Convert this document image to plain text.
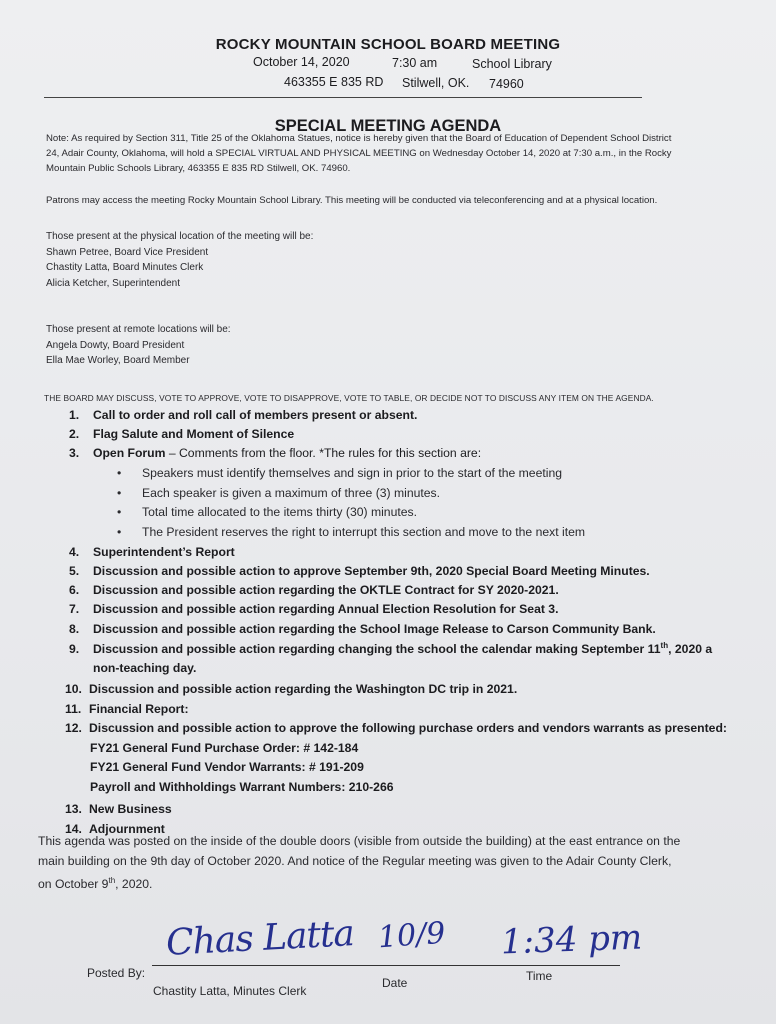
ROCKY MOUNTAIN SCHOOL BOARD MEETING
October 14, 2020	7:30 am	School Library
463355 E 835 RD Stilwell, OK. 74960
SPECIAL MEETING AGENDA
Note: As required by Section 311, Title 25 of the Oklahoma Statues, notice is hereby given that the Board of Education of Dependent School District
24, Adair County, Oklahoma, will hold a SPECIAL VIRTUAL AND PHYSICAL MEETING on Wednesday October 14, 2020 at 7:30 a.m., in the Rocky
Mountain Public Schools Library, 463355 E 835 RD Stilwell, OK. 74960.
Patrons may access the meeting Rocky Mountain School Library. This meeting will be conducted via teleconferencing and at a physical location.
Those present at the physical location of the meeting will be:
Shawn Petree, Board Vice President
Chastity Latta, Board Minutes Clerk
Alicia Ketcher, Superintendent
Those present at remote locations will be:
Angela Dowty, Board President
Ella Mae Worley, Board Member
THE BOARD MAY DISCUSS, VOTE TO APPROVE, VOTE TO DISAPPROVE, VOTE TO TABLE, OR DECIDE NOT TO DISCUSS ANY ITEM ON THE AGENDA.
1. Call to order and roll call of members present or absent.
2. Flag Salute and Moment of Silence
3. Open Forum – Comments from the floor. *The rules for this section are:
• Speakers must identify themselves and sign in prior to the start of the meeting
• Each speaker is given a maximum of three (3) minutes.
• Total time allocated to the items thirty (30) minutes.
• The President reserves the right to interrupt this section and move to the next item
4. Superintendent’s Report
5. Discussion and possible action to approve September 9th, 2020 Special Board Meeting Minutes.
6. Discussion and possible action regarding the OKTLE Contract for SY 2020-2021.
7. Discussion and possible action regarding Annual Election Resolution for Seat 3.
8. Discussion and possible action regarding the School Image Release to Carson Community Bank.
9. Discussion and possible action regarding changing the school the calendar making September 11th, 2020 a
non-teaching day.
10. Discussion and possible action regarding the Washington DC trip in 2021.
11. Financial Report:
12. Discussion and possible action to approve the following purchase orders and vendors warrants as presented:
FY21 General Fund Purchase Order: # 142-184
FY21 General Fund Vendor Warrants: # 191-209
Payroll and Withholdings Warrant Numbers: 210-266
13. New Business
14. Adjournment
This agenda was posted on the inside of the double doors (visible from outside the building) at the east entrance on the
main building on the 9th day of October 2020. And notice of the Regular meeting was given to the Adair County Clerk,
on October 9th, 2020.
Posted By:
Chastity Latta, Minutes Clerk
Date	Time
Chas Latta 10/9 1:34 pm
